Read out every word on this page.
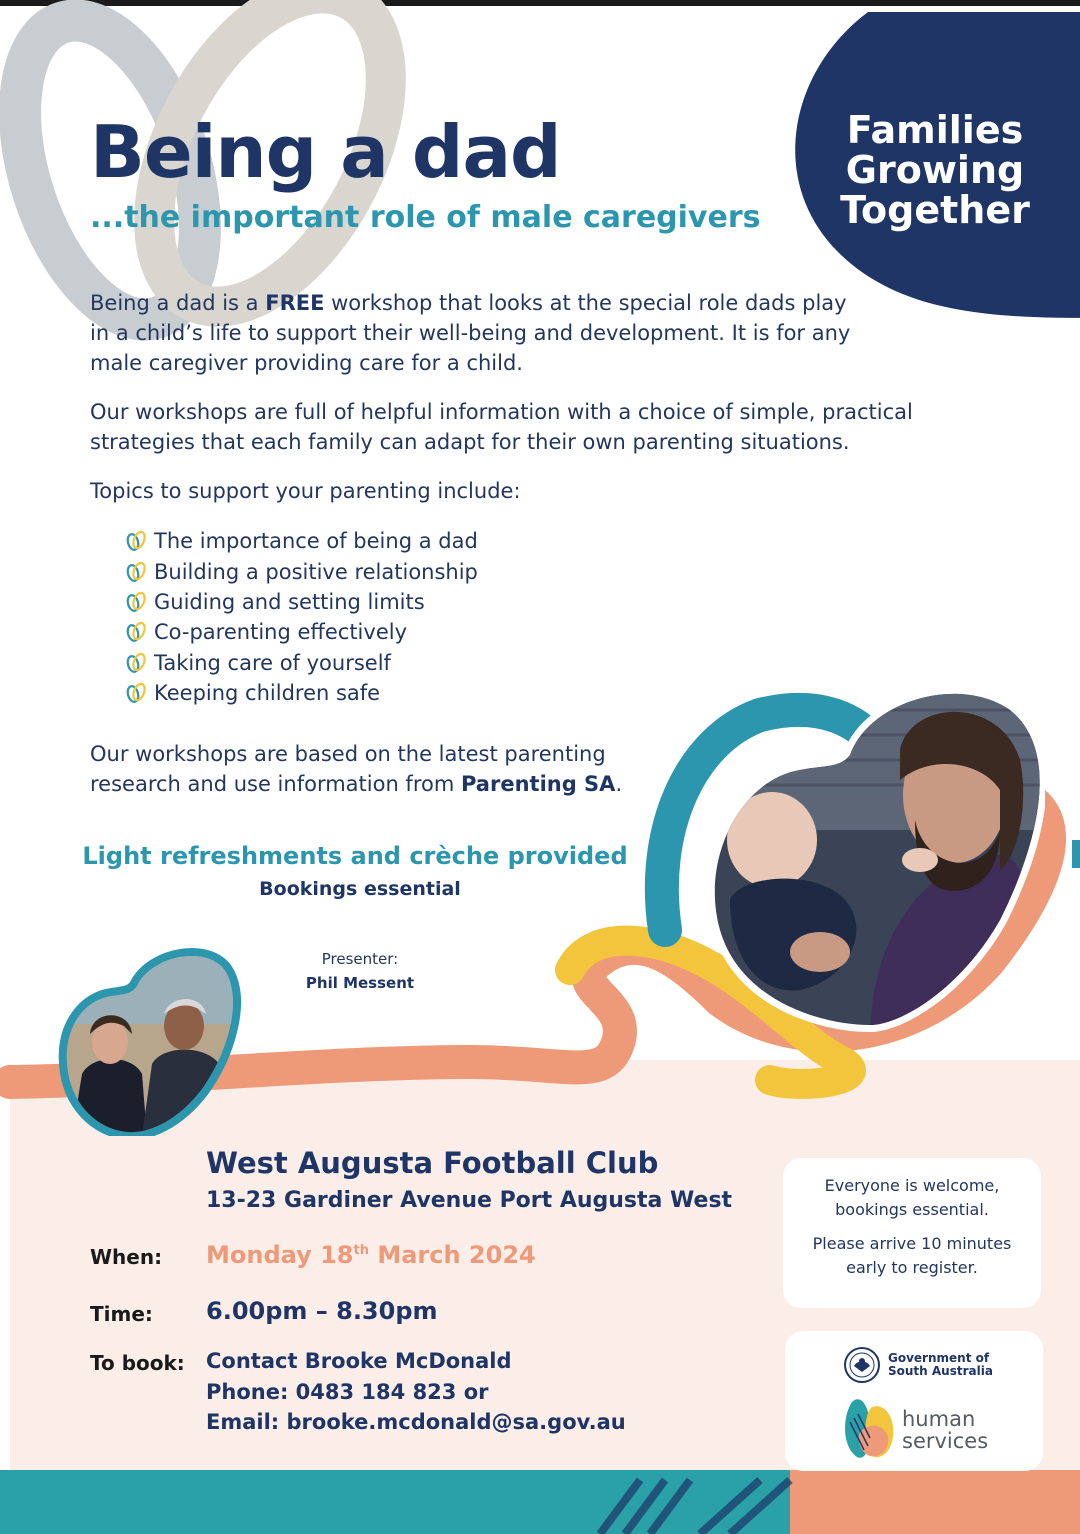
Families
Growing
Together
Being a dad
...the important role of male caregivers
Being a dad is a FREE workshop that looks at the special role dads play in a child’s life to support their well-being and development. It is for any male caregiver providing care for a child.
Our workshops are full of helpful information with a choice of simple, practical strategies that each family can adapt for their own parenting situations.
Topics to support your parenting include:
The importance of being a dad
Building a positive relationship
Guiding and setting limits
Co-parenting effectively
Taking care of yourself
Keeping children safe
Our workshops are based on the latest parenting research and use information from Parenting SA.
Light refreshments and crèche provided
Bookings essential
Presenter:
Phil Messent
West Augusta Football Club
13-23 Gardiner Avenue Port Augusta West
When: Monday 18th March 2024
Time: 6.00pm – 8.30pm
To book: Contact Brooke McDonald
Phone: 0483 184 823 or
Email: brooke.mcdonald@sa.gov.au

Everyone is welcome, bookings essential.

Please arrive 10 minutes early to register.

Government of
South Australia
human
services
